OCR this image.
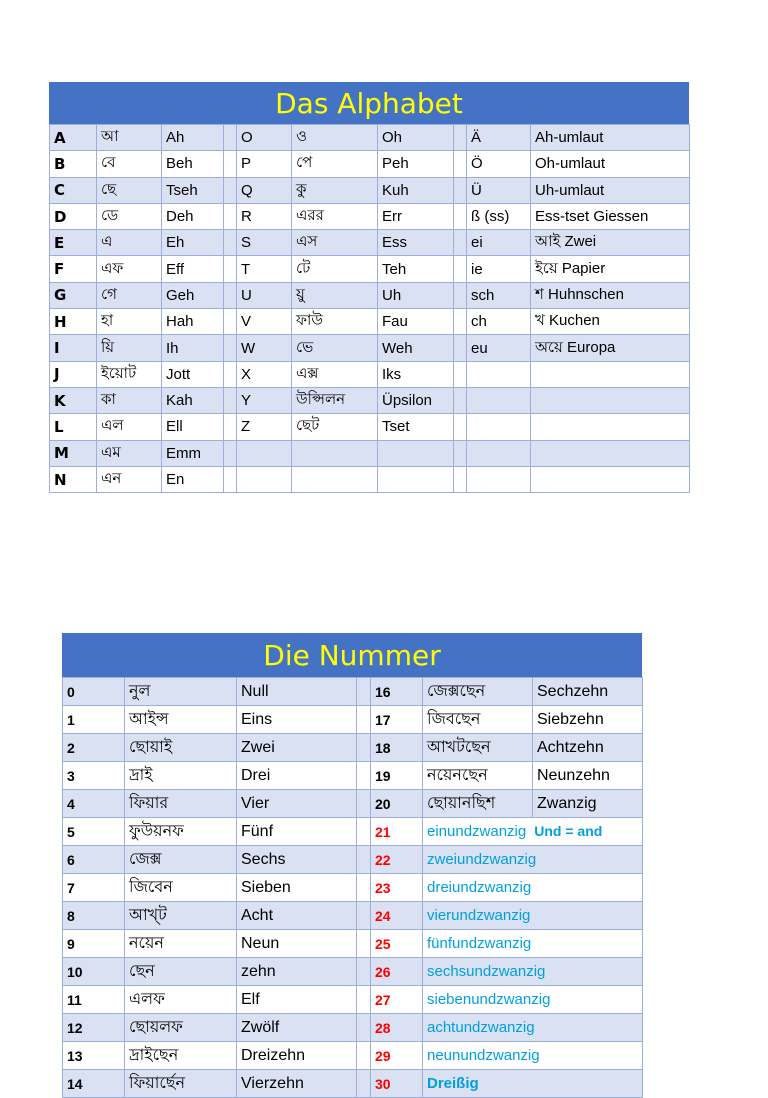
Das Alphabet
A	আ	Ah		O	ও	Oh		Ä	Ah-umlaut
B	বে	Beh		P	পে	Peh		Ö	Oh-umlaut
C	ছে	Tseh		Q	কু	Kuh		Ü	Uh-umlaut
D	ডে	Deh		R	এরর	Err		ß (ss)	Ess-tset Giessen
E	এ	Eh		S	এস	Ess		ei	আই Zwei
F	এফ	Eff		T	টে	Teh		ie	ইয়ে Papier
G	গে	Geh		U	য়ু	Uh		sch	শ Huhnschen
H	হা	Hah		V	ফাউ	Fau		ch	খ Kuchen
I	য়ি	Ih		W	ভে	Weh		eu	অয়ে Europa
J	ইয়োট	Jott		X	এক্স	Iks			
K	কা	Kah		Y	উপ্সিলন	Üpsilon			
L	এল	Ell		Z	ছেট	Tset			
M	এম	Emm							
N	এন	En							
Die Nummer
0	নুল	Null		16	জেক্সছেন	Sechzehn
1	আইন্স	Eins		17	জিবছেন	Siebzehn
2	ছোয়াই	Zwei		18	আখটছেন	Achtzehn
3	দ্রাই	Drei		19	নয়েনছেন	Neunzehn
4	ফিয়ার	Vier		20	ছোয়ানছিশ	Zwanzig
5	ফুউয়নফ	Fünf		21	einundzwanzig Und = and	
6	জেক্স	Sechs		22	zweiundzwanzig	
7	জিবেন	Sieben		23	dreiundzwanzig	
8	আখ্ট	Acht		24	vierundzwanzig	
9	নয়েন	Neun		25	fünfundzwanzig	
10	ছেন	zehn		26	sechsundzwanzig	
11	এলফ	Elf		27	siebenundzwanzig	
12	ছোয়লফ	Zwölf		28	achtundzwanzig	
13	দ্রাইছেন	Dreizehn		29	neunundzwanzig	
14	ফিয়ার্ছেন	Vierzehn		30	Dreißig	
